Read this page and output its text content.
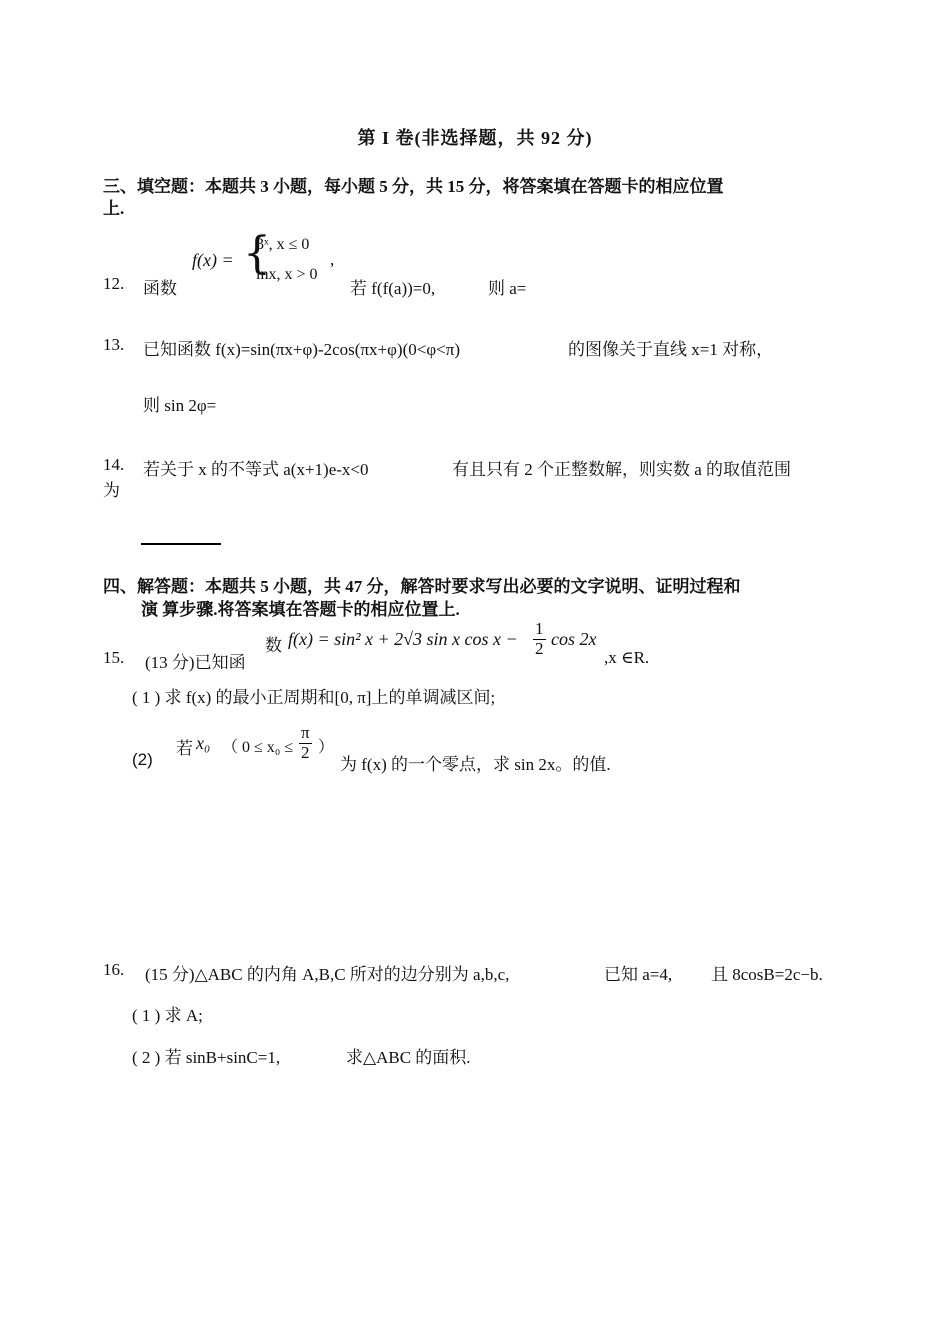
第 I 卷(非选择题，共 92 分)
三、填空题：本题共 3 小题，每小题 5 分，共 15 分，将答案填在答题卡的相应位置
上.
12. 函数
f(x) = {
3ˣ, x ≤ 0
lnx, x > 0
,
若 f(f(a))=0,	则 a=
13. 已知函数 f(x)=sin(πx+φ)-2cos(πx+φ)(0<φ<π)	的图像关于直线 x=1 对称，
则 sin 2φ=
14. 若关于 x 的不等式 a(x+1)e-x<0	有且只有 2 个正整数解，则实数 a 的取值范围
为
四、解答题：本题共 5 小题，共 47 分，解答时要求写出必要的文字说明、证明过程和
演 算步骤.将答案填在答题卡的相应位置上.
15. (13 分)已知函
数 f(x) = sin² x + 2√3 sin x $\cos x - \frac{1}{2}$ cos 2x
,x ∈R.
( 1 ) 求 f(x) 的最小正周期和[0, π]上的单调减区间;
(2)
若 x₀ （ $0 \le x_0 \le \frac{\pi}{2}$ ）
为 f(x) 的一个零点，求 sin 2x。的值.
16. (15 分)△ABC 的内角 A,B,C 所对的边分别为 a,b,c,	已知 a=4, 且 8cosB=2c−b.
( 1 ) 求 A;
( 2 ) 若 sinB+sinC=1,	求△ABC 的面积.
